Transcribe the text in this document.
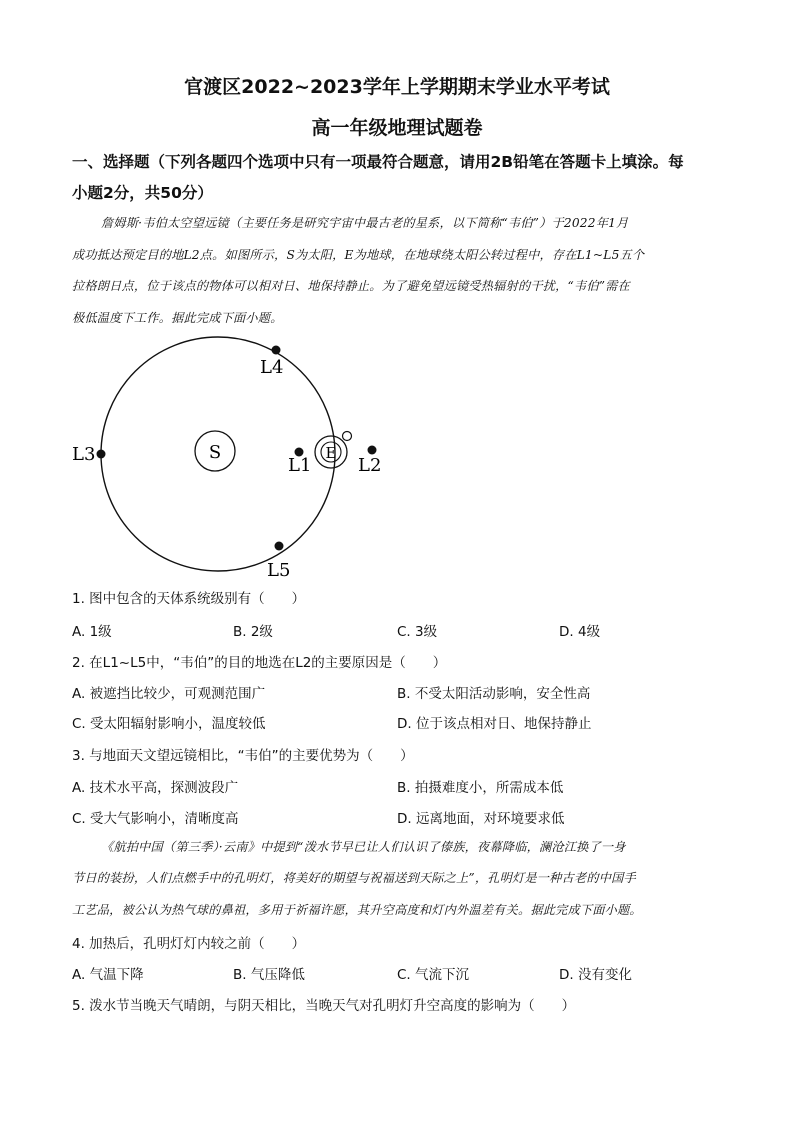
官渡区2022~2023学年上学期期末学业水平考试
高一年级地理试题卷
一、选择题（下列各题四个选项中只有一项最符合题意，请用2B铅笔在答题卡上填涂。每
小题2分，共50分）
詹姆斯·韦伯太空望远镜（主要任务是研究宇宙中最古老的星系，以下简称“韦伯”）于2022年1月
成功抵达预定目的地L2点。如图所示，S为太阳，E为地球，在地球绕太阳公转过程中，存在L1~L5五个
拉格朗日点，位于该点的物体可以相对日、地保持静止。为了避免望远镜受热辐射的干扰，“韦伯”需在
极低温度下工作。据此完成下面小题。
S	E
L1	L2
L3
L4
L5
1. 图中包含的天体系统级别有（　　）
A. 1级	B. 2级	C. 3级	D. 4级
2. 在L1~L5中，“韦伯”的目的地选在L2的主要原因是（　　）
A. 被遮挡比较少，可观测范围广	B. 不受太阳活动影响，安全性高
C. 受太阳辐射影响小，温度较低	D. 位于该点相对日、地保持静止
3. 与地面天文望远镜相比，“韦伯”的主要优势为（　　）
A. 技术水平高，探测波段广	B. 拍摄难度小，所需成本低
C. 受大气影响小，清晰度高	D. 远离地面，对环境要求低
《航拍中国（第三季）·云南》中提到“泼水节早已让人们认识了傣族，夜幕降临，澜沧江换了一身
节日的装扮，人们点燃手中的孔明灯，将美好的期望与祝福送到天际之上”，孔明灯是一种古老的中国手
工艺品，被公认为热气球的鼻祖，多用于祈福许愿，其升空高度和灯内外温差有关。据此完成下面小题。
4. 加热后，孔明灯灯内较之前（　　）
A. 气温下降	B. 气压降低	C. 气流下沉	D. 没有变化
5. 泼水节当晚天气晴朗，与阴天相比，当晚天气对孔明灯升空高度的影响为（　　）
